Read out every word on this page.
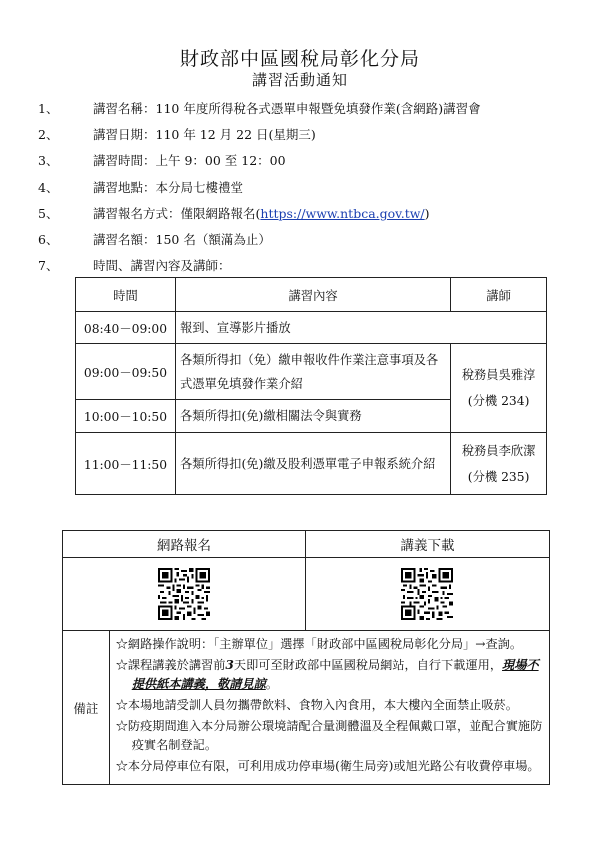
財政部中區國稅局彰化分局
講習活動通知
1、	講習名稱：110 年度所得稅各式憑單申報暨免填發作業(含網路)講習會
2、	講習日期：110 年 12 月 22 日(星期三)
3、	講習時間：上午 9：00 至 12：00
4、	講習地點：本分局七樓禮堂
5、	講習報名方式：僅限網路報名(https://www.ntbca.gov.tw/)
6、	講習名額：150 名（額滿為止）
7、	時間、講習內容及講師：
時間	講習內容	講師
08:40－09:00	報到、宣導影片播放	
09:00－09:50	各類所得扣（免）繳申報收件作業注意事項及各式憑單免填發作業介紹	稅務員吳雅淳
(分機 234)

10:00－10:50	各類所得扣(免)繳相關法令與實務	
11:00－11:50	各類所得扣(免)繳及股利憑單電子申報系統介紹	稅務員李欣潔
(分機 235)
網路報名		講義下載

備註	☆網路操作說明：「主辦單位」選擇「財政部中區國稅局彰化分局」→查詢。

☆課程講義於講習前3天即可至財政部中區國稅局網站，自行下載運用，現場不提供紙本講義，敬請見諒。

☆本場地請受訓人員勿攜帶飲料、食物入內食用，本大樓內全面禁止吸菸。

☆防疫期間進入本分局辦公環境請配合量測體溫及全程佩戴口罩，並配合實施防疫實名制登記。

☆本分局停車位有限，可利用成功停車場(衛生局旁)或旭光路公有收費停車場。	
